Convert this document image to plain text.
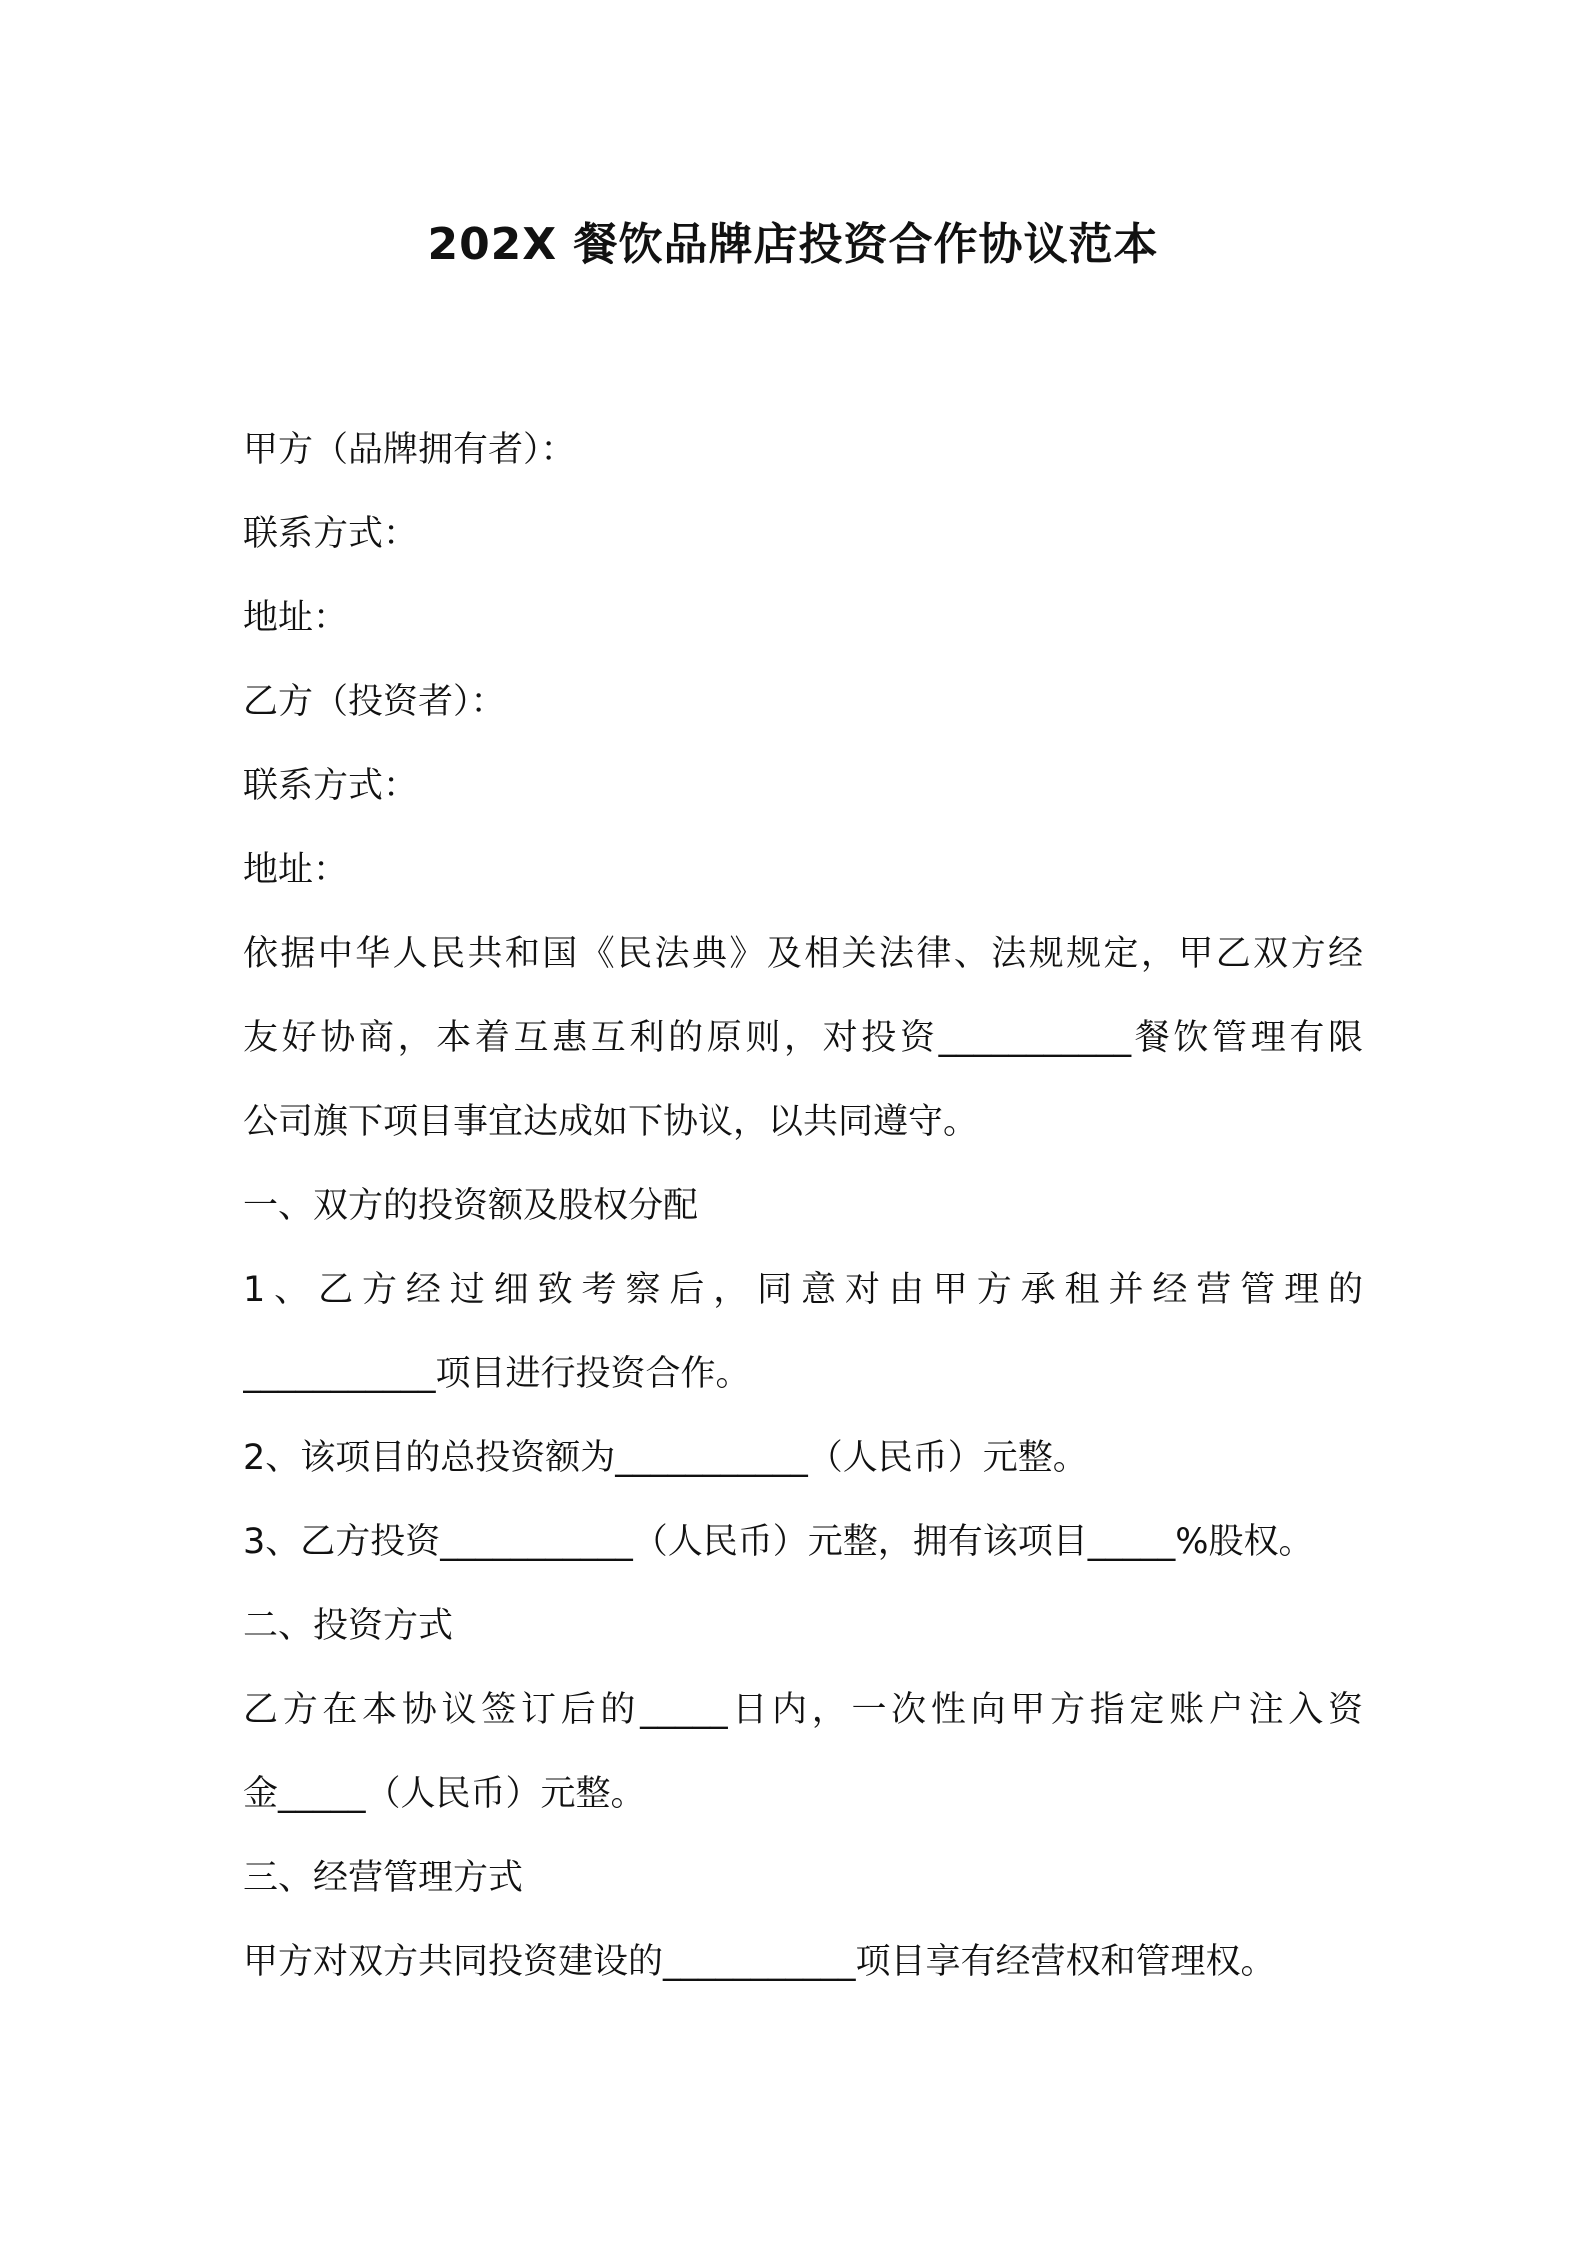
202X 餐饮品牌店投资合作协议范本
甲方（品牌拥有者）：
联系方式：
地址：
乙方（投资者）：
联系方式：
地址：
依据中华人民共和国《民法典》及相关法律、法规规定，甲乙双方经
友好协商，本着互惠互利的原则，对投资___________餐饮管理有限
公司旗下项目事宜达成如下协议，以共同遵守。
一、双方的投资额及股权分配
1、乙方经过细致考察后，同意对由甲方承租并经营管理的
___________项目进行投资合作。
2、该项目的总投资额为___________（人民币）元整。
3、乙方投资___________（人民币）元整，拥有该项目_____%股权。
二、投资方式
乙方在本协议签订后的_____日内，一次性向甲方指定账户注入资
金_____（人民币）元整。
三、经营管理方式
甲方对双方共同投资建设的___________项目享有经营权和管理权。
